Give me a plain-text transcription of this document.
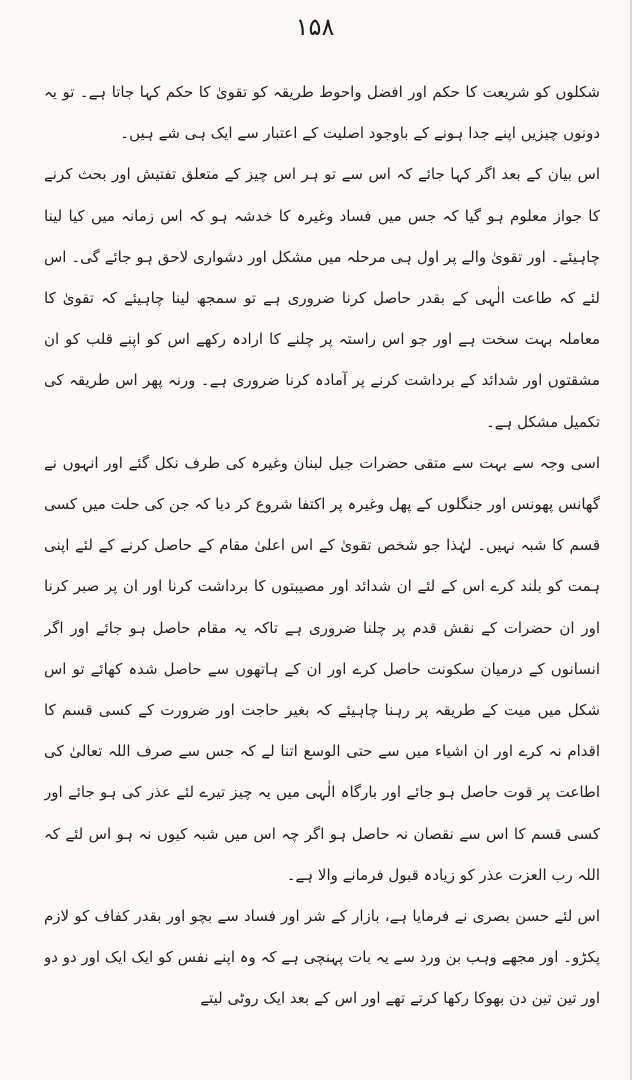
۱۵۸

شکلوں کو شریعت کا حکم اور افضل واحوط طریقہ کو تقویٰ کا حکم کہا جاتا ہے۔ تو یہ دونوں چیزیں اپنے جدا ہونے کے باوجود اصلیت کے اعتبار سے ایک ہی شے ہیں۔

اس بیان کے بعد اگر کہا جائے کہ اس سے تو ہر اس چیز کے متعلق تفتیش اور بحث کرنے کا جواز معلوم ہو گیا کہ جس میں فساد وغیرہ کا خدشہ ہو کہ اس زمانہ میں کیا لینا چاہیئے۔ اور تقویٰ والے پر اول ہی مرحلہ میں مشکل اور دشواری لاحق ہو جائے گی۔ اس لئے کہ طاعت الٰہی کے بقدر حاصل کرنا ضروری ہے تو سمجھ لینا چاہیئے کہ تقویٰ کا معاملہ بہت سخت ہے اور جو اس راستہ پر چلنے کا ارادہ رکھے اس کو اپنے قلب کو ان مشقتوں اور شدائد کے برداشت کرنے پر آمادہ کرنا ضروری ہے۔ ورنہ پھر اس طریقہ کی تکمیل مشکل ہے۔

اسی وجہ سے بہت سے متقی حضرات جبل لبنان وغیرہ کی طرف نکل گئے اور انہوں نے گھانس پھونس اور جنگلوں کے پھل وغیرہ پر اکتفا شروع کر دیا کہ جن کی حلت میں کسی قسم کا شبہ نہیں۔ لہٰذا جو شخص تقویٰ کے اس اعلیٰ مقام کے حاصل کرنے کے لئے اپنی ہمت کو بلند کرے اس کے لئے ان شدائد اور مصیبتوں کا برداشت کرنا اور ان پر صبر کرنا اور ان حضرات کے نقش قدم پر چلنا ضروری ہے تاکہ یہ مقام حاصل ہو جائے اور اگر انسانوں کے درمیان سکونت حاصل کرے اور ان کے ہاتھوں سے حاصل شدہ کھائے تو اس شکل میں میت کے طریقہ پر رہنا چاہیئے کہ بغیر حاجت اور ضرورت کے کسی قسم کا اقدام نہ کرے اور ان اشیاء میں سے حتی الوسع اتنا لے کہ جس سے صرف اللہ تعالیٰ کی اطاعت پر قوت حاصل ہو جائے اور بارگاہ الٰہی میں یہ چیز تیرے لئے عذر کی ہو جائے اور کسی قسم کا اس سے نقصان نہ حاصل ہو اگر چہ اس میں شبہ کیوں نہ ہو اس لئے کہ اللہ رب العزت عذر کو زیادہ قبول فرمانے والا ہے۔

اس لئے حسن بصری نے فرمایا ہے، بازار کے شر اور فساد سے بچو اور بقدر کفاف کو لازم پکڑو۔ اور مجھے وہب بن ورد سے یہ بات پہنچی ہے کہ وہ اپنے نفس کو ایک ایک اور دو دو اور تین تین دن بھوکا رکھا کرتے تھے اور اس کے بعد ایک روٹی لیتے
